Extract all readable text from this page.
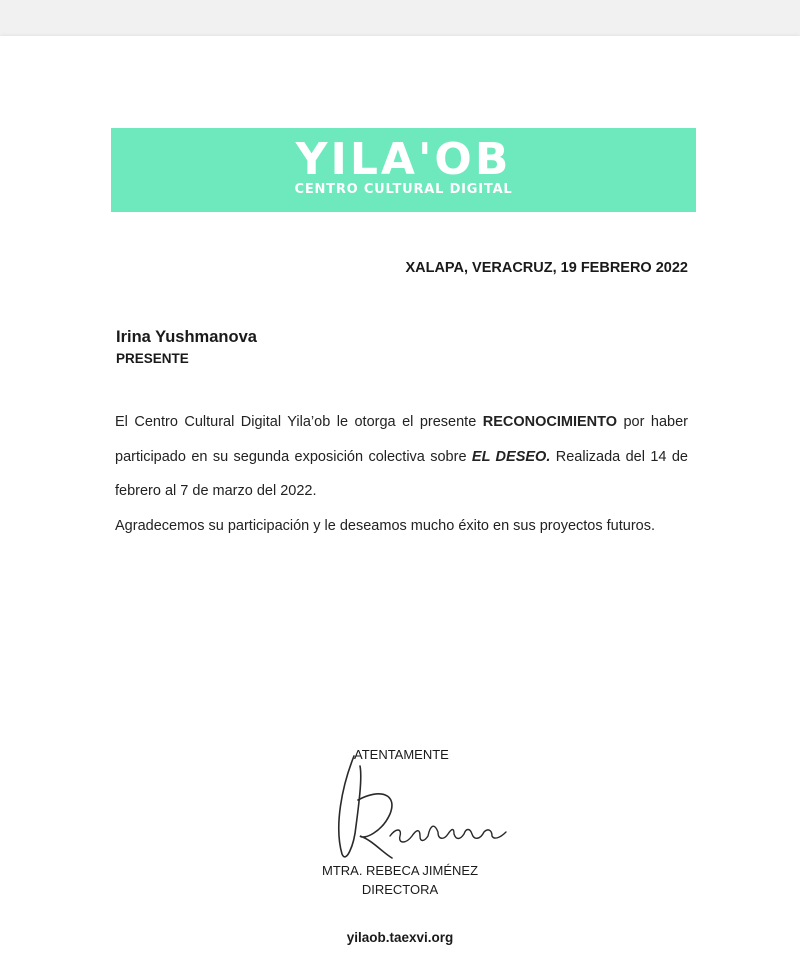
YILA'OB
CENTRO CULTURAL DIGITAL
XALAPA, VERACRUZ, 19 FEBRERO 2022
Irina Yushmanova
PRESENTE

El Centro Cultural Digital Yila’ob le otorga el presente RECONOCIMIENTO por haber participado en su segunda exposición colectiva sobre EL DESEO. Realizada del 14 de febrero al 7 de marzo del 2022.

Agradecemos su participación y le deseamos mucho éxito en sus proyectos futuros.

ATENTAMENTE
MTRA. REBECA JIMÉNEZ
DIRECTORA
yilaob.taexvi.org
